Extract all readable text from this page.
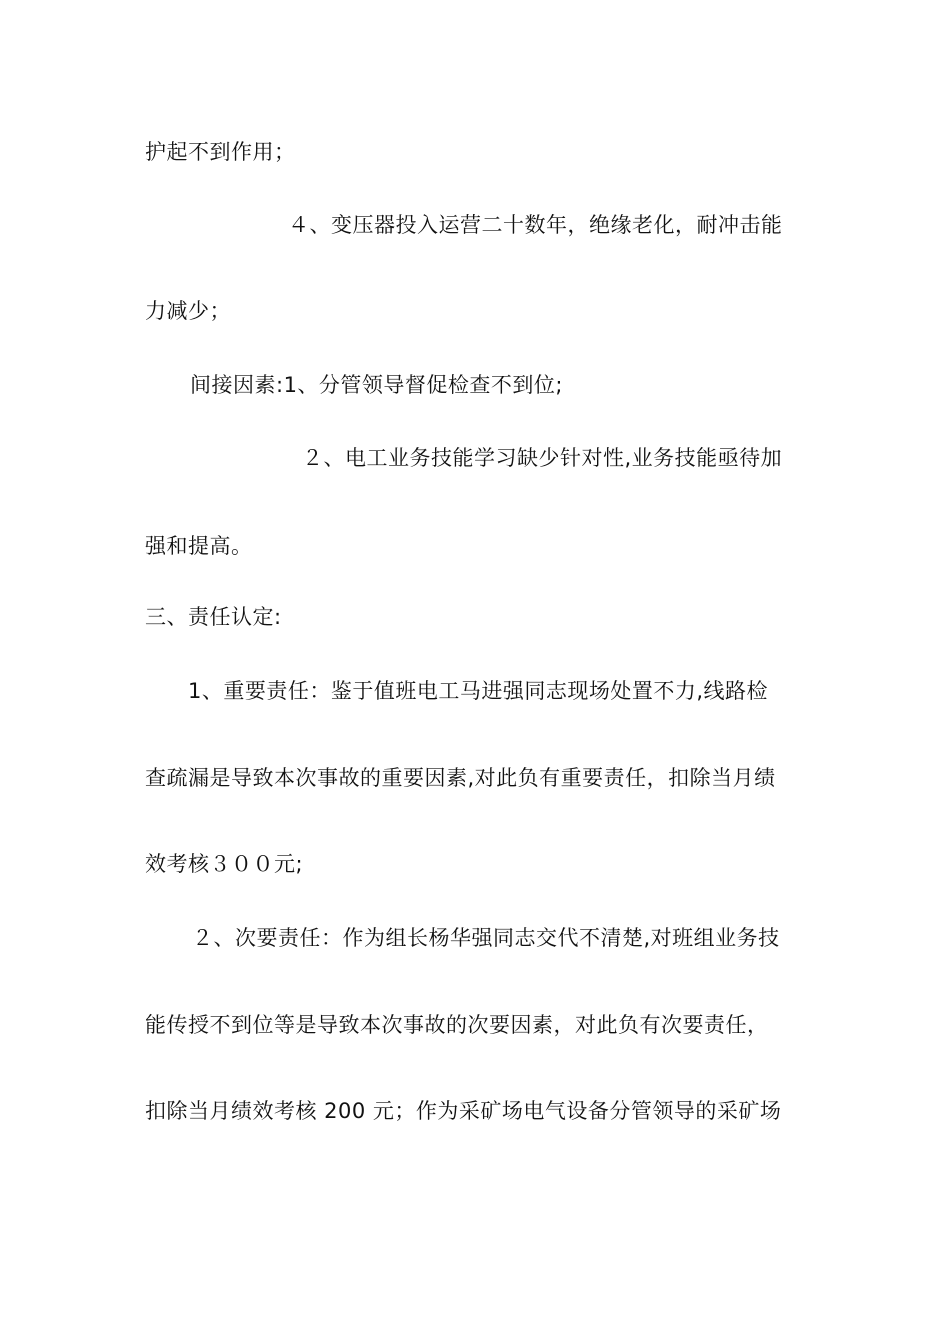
护起不到作用；
４、变压器投入运营二十数年，绝缘老化，耐冲击能
力减少；
间接因素:1、分管领导督促检查不到位;
２、电工业务技能学习缺少针对性,业务技能亟待加
强和提高。
三、责任认定:
1、重要责任：鉴于值班电工马进强同志现场处置不力,线路检
查疏漏是导致本次事故的重要因素,对此负有重要责任，扣除当月绩
效考核３００元;
２、次要责任：作为组长杨华强同志交代不清楚,对班组业务技
能传授不到位等是导致本次事故的次要因素，对此负有次要责任，
扣除当月绩效考核 200 元；作为采矿场电气设备分管领导的采矿场
